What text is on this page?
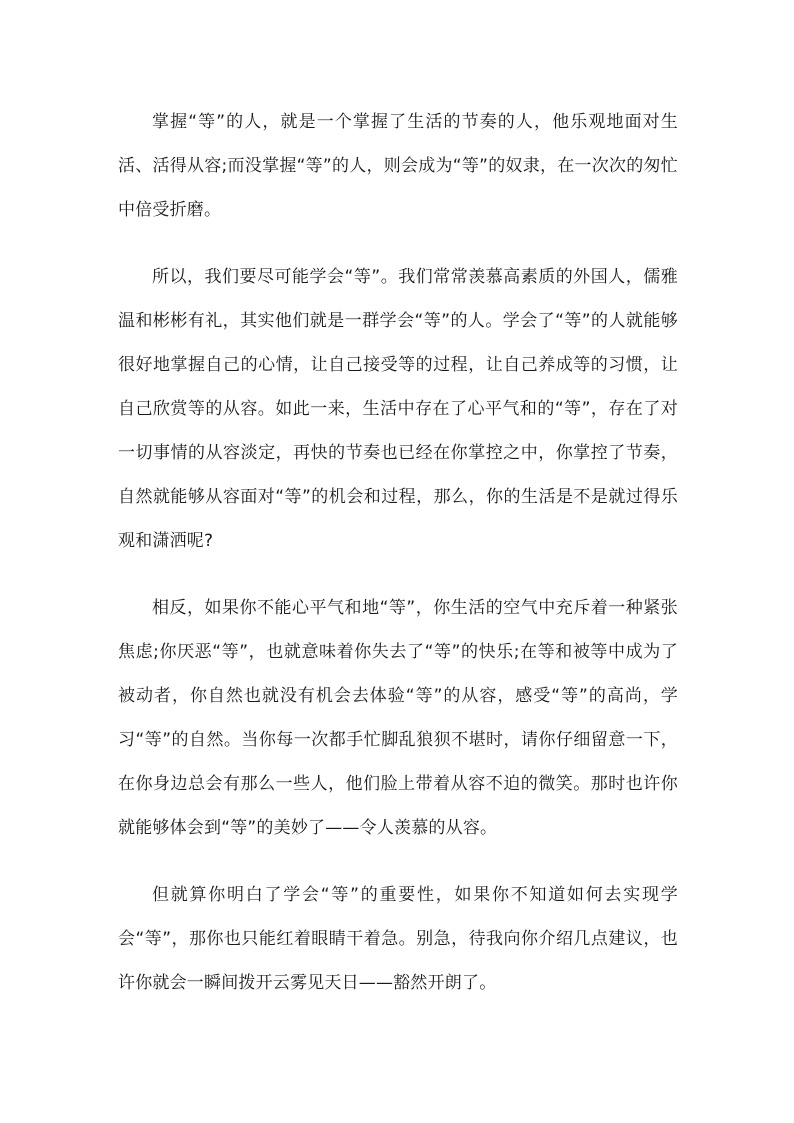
掌握“等”的人，就是一个掌握了生活的节奏的人，他乐观地面对生活、活得从容;而没掌握“等”的人，则会成为“等”的奴隶，在一次次的匆忙中倍受折磨。

所以，我们要尽可能学会“等”。我们常常羡慕高素质的外国人，儒雅温和彬彬有礼，其实他们就是一群学会“等”的人。学会了“等”的人就能够很好地掌握自己的心情，让自己接受等的过程，让自己养成等的习惯，让自己欣赏等的从容。如此一来，生活中存在了心平气和的“等”，存在了对一切事情的从容淡定，再快的节奏也已经在你掌控之中，你掌控了节奏，自然就能够从容面对“等”的机会和过程，那么，你的生活是不是就过得乐观和潇洒呢?

相反，如果你不能心平气和地“等”，你生活的空气中充斥着一种紧张焦虑;你厌恶“等”，也就意味着你失去了“等”的快乐;在等和被等中成为了被动者，你自然也就没有机会去体验“等”的从容，感受“等”的高尚，学习“等”的自然。当你每一次都手忙脚乱狼狈不堪时，请你仔细留意一下，在你身边总会有那么一些人，他们脸上带着从容不迫的微笑。那时也许你就能够体会到“等”的美妙了——令人羡慕的从容。

但就算你明白了学会“等”的重要性，如果你不知道如何去实现学会“等”，那你也只能红着眼睛干着急。别急，待我向你介绍几点建议，也许你就会一瞬间拨开云雾见天日——豁然开朗了。
